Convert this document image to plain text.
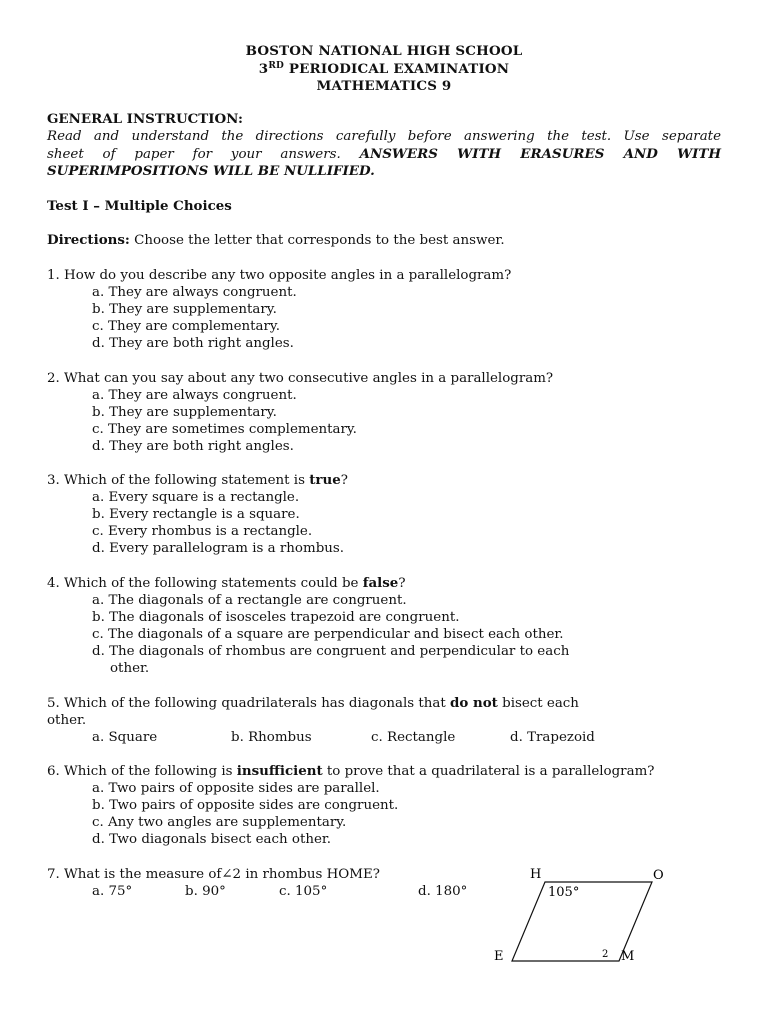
BOSTON NATIONAL HIGH SCHOOL
3RD PERIODICAL EXAMINATION
MATHEMATICS 9
GENERAL INSTRUCTION:
Read and understand the directions carefully before answering the test. Use separate
sheet of paper for your answers. ANSWERS WITH ERASURES AND WITH
SUPERIMPOSITIONS WILL BE NULLIFIED.
Test I – Multiple Choices
Directions: Choose the letter that corresponds to the best answer.
1. How do you describe any two opposite angles in a parallelogram?
a. They are always congruent.
b. They are supplementary.
c. They are complementary.
d. They are both right angles.
2. What can you say about any two consecutive angles in a parallelogram?
a. They are always congruent.
b. They are supplementary.
c. They are sometimes complementary.
d. They are both right angles.
3. Which of the following statement is true?
a. Every square is a rectangle.
b. Every rectangle is a square.
c. Every rhombus is a rectangle.
d. Every parallelogram is a rhombus.
4. Which of the following statements could be false?
a. The diagonals of a rectangle are congruent.
b. The diagonals of isosceles trapezoid are congruent.
c. The diagonals of a square are perpendicular and bisect each other.
d. The diagonals of rhombus are congruent and perpendicular to each
other.
5. Which of the following quadrilaterals has diagonals that do not bisect each
other.
a. Square	b. Rhombus	c. Rectangle	d. Trapezoid
6. Which of the following is insufficient to prove that a quadrilateral is a parallelogram?
a. Two pairs of opposite sides are parallel.
b. Two pairs of opposite sides are congruent.
c. Any two angles are supplementary.
d. Two diagonals bisect each other.
7. What is the measure of∠2 in rhombus HOME?
a. 75°	b. 90°	c. 105°	d. 180°
H	O
E	M
105°
2
